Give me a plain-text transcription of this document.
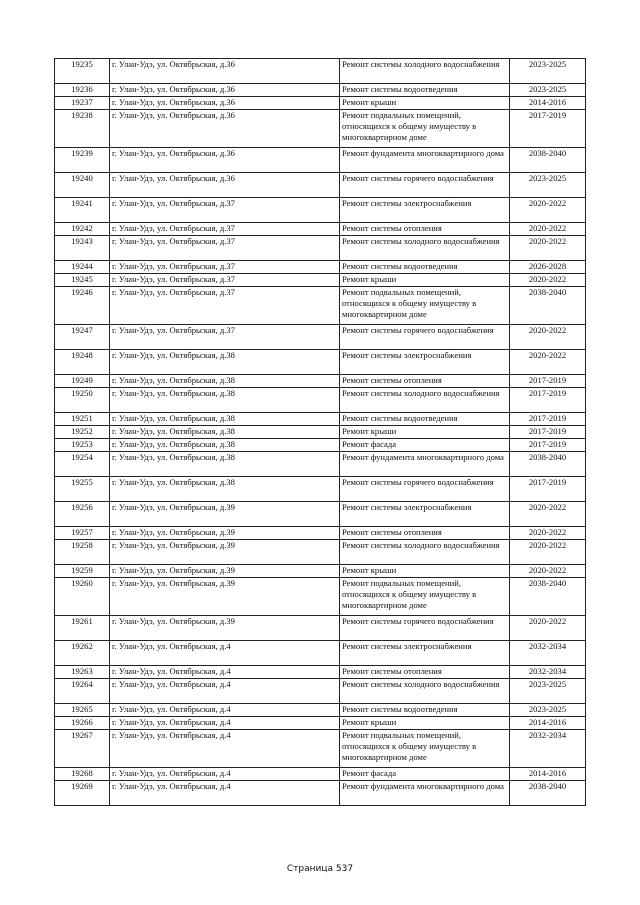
19235	г. Улан-Удэ, ул. Октябрьская, д.36	Ремонт системы холодного водоснабжения	2023-2025
19236	г. Улан-Удэ, ул. Октябрьская, д.36	Ремонт системы водоотведения	2023-2025
19237	г. Улан-Удэ, ул. Октябрьская, д.36	Ремонт крыши	2014-2016
19238	г. Улан-Удэ, ул. Октябрьская, д.36	Ремонт подвальных помещений, относящихся к общему имуществу в многоквартирном доме	2017-2019
19239	г. Улан-Удэ, ул. Октябрьская, д.36	Ремонт фундамента многоквартирного дома	2038-2040
19240	г. Улан-Удэ, ул. Октябрьская, д.36	Ремонт системы горячего водоснабжения	2023-2025
19241	г. Улан-Удэ, ул. Октябрьская, д.37	Ремонт системы электроснабжения	2020-2022
19242	г. Улан-Удэ, ул. Октябрьская, д.37	Ремонт системы отопления	2020-2022
19243	г. Улан-Удэ, ул. Октябрьская, д.37	Ремонт системы холодного водоснабжения	2020-2022
19244	г. Улан-Удэ, ул. Октябрьская, д.37	Ремонт системы водоотведения	2026-2028
19245	г. Улан-Удэ, ул. Октябрьская, д.37	Ремонт крыши	2020-2022
19246	г. Улан-Удэ, ул. Октябрьская, д.37	Ремонт подвальных помещений, относящихся к общему имуществу в многоквартирном доме	2038-2040
19247	г. Улан-Удэ, ул. Октябрьская, д.37	Ремонт системы горячего водоснабжения	2020-2022
19248	г. Улан-Удэ, ул. Октябрьская, д.38	Ремонт системы электроснабжения	2020-2022
19249	г. Улан-Удэ, ул. Октябрьская, д.38	Ремонт системы отопления	2017-2019
19250	г. Улан-Удэ, ул. Октябрьская, д.38	Ремонт системы холодного водоснабжения	2017-2019
19251	г. Улан-Удэ, ул. Октябрьская, д.38	Ремонт системы водоотведения	2017-2019
19252	г. Улан-Удэ, ул. Октябрьская, д.38	Ремонт крыши	2017-2019
19253	г. Улан-Удэ, ул. Октябрьская, д.38	Ремонт фасада	2017-2019
19254	г. Улан-Удэ, ул. Октябрьская, д.38	Ремонт фундамента многоквартирного дома	2038-2040
19255	г. Улан-Удэ, ул. Октябрьская, д.38	Ремонт системы горячего водоснабжения	2017-2019
19256	г. Улан-Удэ, ул. Октябрьская, д.39	Ремонт системы электроснабжения	2020-2022
19257	г. Улан-Удэ, ул. Октябрьская, д.39	Ремонт системы отопления	2020-2022
19258	г. Улан-Удэ, ул. Октябрьская, д.39	Ремонт системы холодного водоснабжения	2020-2022
19259	г. Улан-Удэ, ул. Октябрьская, д.39	Ремонт крыши	2020-2022
19260	г. Улан-Удэ, ул. Октябрьская, д.39	Ремонт подвальных помещений, относящихся к общему имуществу в многоквартирном доме	2038-2040
19261	г. Улан-Удэ, ул. Октябрьская, д.39	Ремонт системы горячего водоснабжения	2020-2022
19262	г. Улан-Удэ, ул. Октябрьская, д.4	Ремонт системы электроснабжения	2032-2034
19263	г. Улан-Удэ, ул. Октябрьская, д.4	Ремонт системы отопления	2032-2034
19264	г. Улан-Удэ, ул. Октябрьская, д.4	Ремонт системы холодного водоснабжения	2023-2025
19265	г. Улан-Удэ, ул. Октябрьская, д.4	Ремонт системы водоотведения	2023-2025
19266	г. Улан-Удэ, ул. Октябрьская, д.4	Ремонт крыши	2014-2016
19267	г. Улан-Удэ, ул. Октябрьская, д.4	Ремонт подвальных помещений, относящихся к общему имуществу в многоквартирном доме	2032-2034
19268	г. Улан-Удэ, ул. Октябрьская, д.4	Ремонт фасада	2014-2016
19269	г. Улан-Удэ, ул. Октябрьская, д.4	Ремонт фундамента многоквартирного дома	2038-2040
Страница 537
